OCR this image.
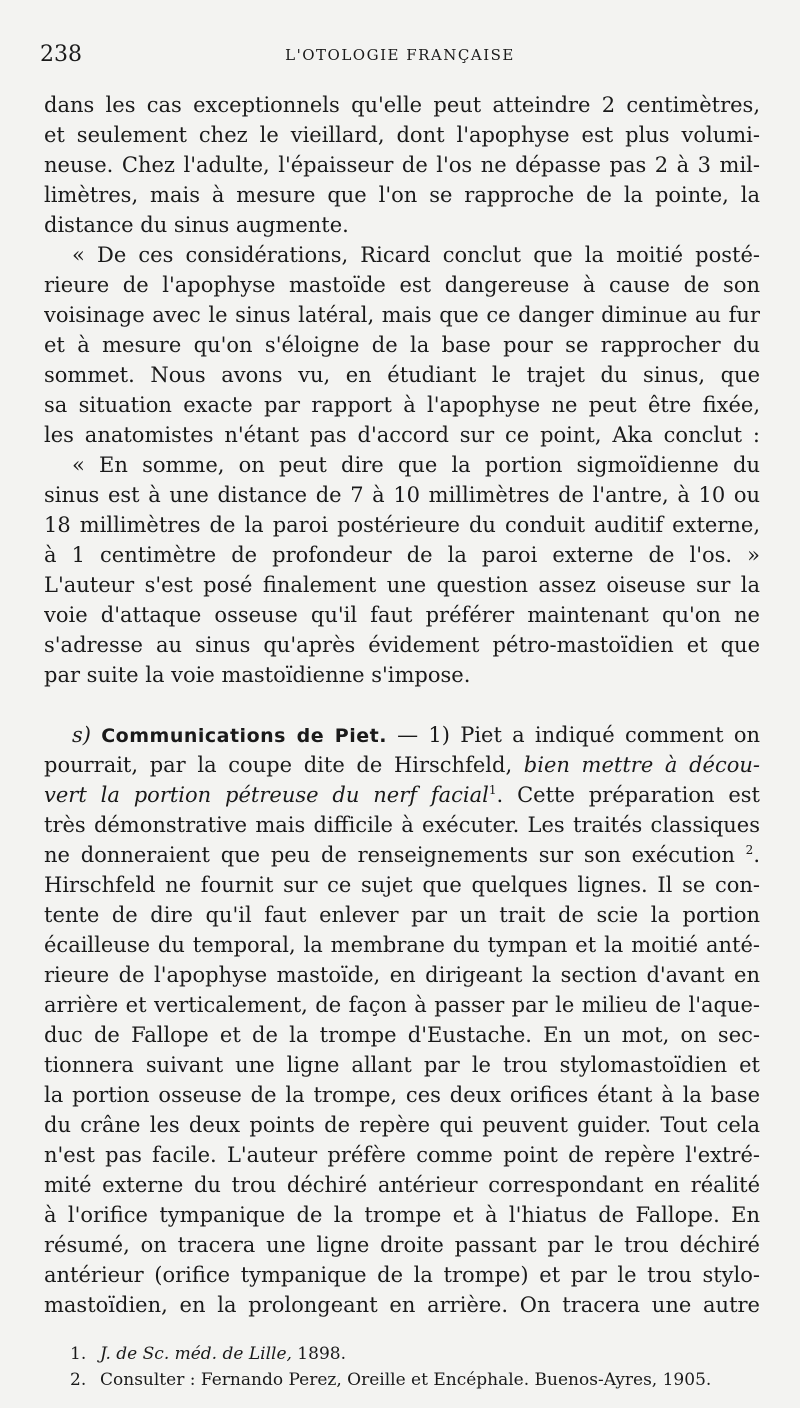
238	L'OTOLOGIE FRANÇAISE
dans les cas exceptionnels qu'elle peut atteindre 2 centimètres,
et seulement chez le vieillard, dont l'apophyse est plus volumi-
neuse. Chez l'adulte, l'épaisseur de l'os ne dépasse pas 2 à 3 mil-
limètres, mais à mesure que l'on se rapproche de la pointe, la
distance du sinus augmente.
« De ces considérations, Ricard conclut que la moitié posté-
rieure de l'apophyse mastoïde est dangereuse à cause de son
voisinage avec le sinus latéral, mais que ce danger diminue au fur
et à mesure qu'on s'éloigne de la base pour se rapprocher du
sommet. Nous avons vu, en étudiant le trajet du sinus, que
sa situation exacte par rapport à l'apophyse ne peut être fixée,
les anatomistes n'étant pas d'accord sur ce point, Aka conclut :
« En somme, on peut dire que la portion sigmoïdienne du
sinus est à une distance de 7 à 10 millimètres de l'antre, à 10 ou
18 millimètres de la paroi postérieure du conduit auditif externe,
à 1 centimètre de profondeur de la paroi externe de l'os. »
L'auteur s'est posé finalement une question assez oiseuse sur la
voie d'attaque osseuse qu'il faut préférer maintenant qu'on ne
s'adresse au sinus qu'après évidement pétro-mastoïdien et que
par suite la voie mastoïdienne s'impose.
s) Communications de Piet. — 1) Piet a indiqué comment on
pourrait, par la coupe dite de Hirschfeld, bien mettre à décou-
vert la portion pétreuse du nerf facial$^1$. Cette préparation est
très démonstrative mais difficile à exécuter. Les traités classiques
ne donneraient que peu de renseignements sur son exécution $^2$.
Hirschfeld ne fournit sur ce sujet que quelques lignes. Il se con-
tente de dire qu'il faut enlever par un trait de scie la portion
écailleuse du temporal, la membrane du tympan et la moitié anté-
rieure de l'apophyse mastoïde, en dirigeant la section d'avant en
arrière et verticalement, de façon à passer par le milieu de l'aque-
duc de Fallope et de la trompe d'Eustache. En un mot, on sec-
tionnera suivant une ligne allant par le trou stylomastoïdien et
la portion osseuse de la trompe, ces deux orifices étant à la base
du crâne les deux points de repère qui peuvent guider. Tout cela
n'est pas facile. L'auteur préfère comme point de repère l'extré-
mité externe du trou déchiré antérieur correspondant en réalité
à l'orifice tympanique de la trompe et à l'hiatus de Fallope. En
résumé, on tracera une ligne droite passant par le trou déchiré
antérieur (orifice tympanique de la trompe) et par le trou stylo-
mastoïdien, en la prolongeant en arrière. On tracera une autre
1. J. de Sc. méd. de Lille, 1898.
2. Consulter : Fernando Perez, Oreille et Encéphale. Buenos-Ayres, 1905.
